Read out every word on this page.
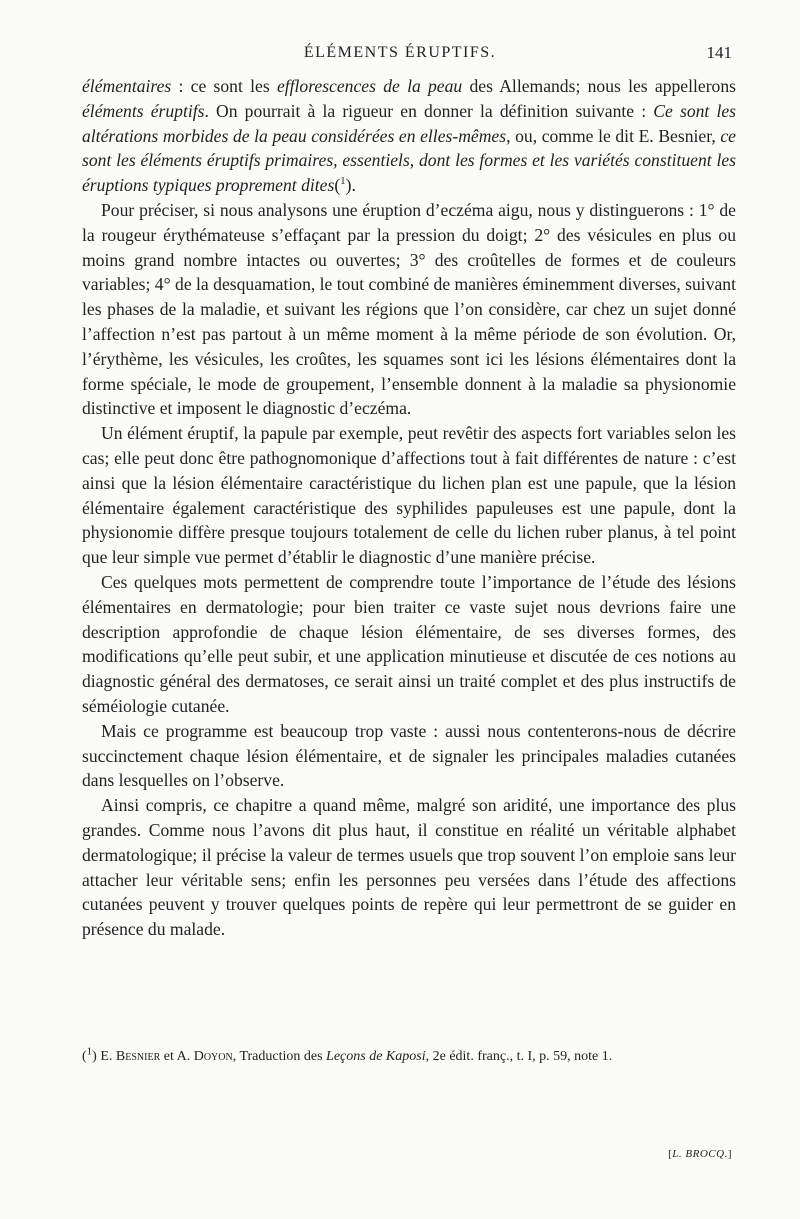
ÉLÉMENTS ÉRUPTIFS.	141

élémentaires : ce sont les efflorescences de la peau des Allemands; nous les appellerons éléments éruptifs. On pourrait à la rigueur en donner la définition suivante : Ce sont les altérations morbides de la peau considérées en elles-mêmes, ou, comme le dit E. Besnier, ce sont les éléments éruptifs primaires, essentiels, dont les formes et les variétés constituent les éruptions typiques proprement dites($^1$).

Pour préciser, si nous analysons une éruption d’eczéma aigu, nous y distinguerons : 1° de la rougeur érythémateuse s’effaçant par la pression du doigt; 2° des vésicules en plus ou moins grand nombre intactes ou ouvertes; 3° des croûtelles de formes et de couleurs variables; 4° de la desquamation, le tout combiné de manières éminemment diverses, suivant les phases de la maladie, et suivant les régions que l’on considère, car chez un sujet donné l’affection n’est pas partout à un même moment à la même période de son évolution. Or, l’érythème, les vésicules, les croûtes, les squames sont ici les lésions élémentaires dont la forme spéciale, le mode de groupement, l’ensemble donnent à la maladie sa physionomie distinctive et imposent le diagnostic d’eczéma.

Un élément éruptif, la papule par exemple, peut revêtir des aspects fort variables selon les cas; elle peut donc être pathognomonique d’affections tout à fait différentes de nature : c’est ainsi que la lésion élémentaire caractéristique du lichen plan est une papule, que la lésion élémentaire également caractéristique des syphilides papuleuses est une papule, dont la physionomie diffère presque toujours totalement de celle du lichen ruber planus, à tel point que leur simple vue permet d’établir le diagnostic d’une manière précise.

Ces quelques mots permettent de comprendre toute l’importance de l’étude des lésions élémentaires en dermatologie; pour bien traiter ce vaste sujet nous devrions faire une description approfondie de chaque lésion élémentaire, de ses diverses formes, des modifications qu’elle peut subir, et une application minutieuse et discutée de ces notions au diagnostic général des dermatoses, ce serait ainsi un traité complet et des plus instructifs de séméiologie cutanée.

Mais ce programme est beaucoup trop vaste : aussi nous contenterons-nous de décrire succinctement chaque lésion élémentaire, et de signaler les principales maladies cutanées dans lesquelles on l’observe.

Ainsi compris, ce chapitre a quand même, malgré son aridité, une importance des plus grandes. Comme nous l’avons dit plus haut, il constitue en réalité un véritable alphabet dermatologique; il précise la valeur de termes usuels que trop souvent l’on emploie sans leur attacher leur véritable sens; enfin les personnes peu versées dans l’étude des affections cutanées peuvent y trouver quelques points de repère qui leur permettront de se guider en présence du malade.

($^1$) E. Besnier et A. Doyon, Traduction des Leçons de Kaposi, 2e édit. franç., t. I, p. 59, note 1.
[L. BROCQ.]
